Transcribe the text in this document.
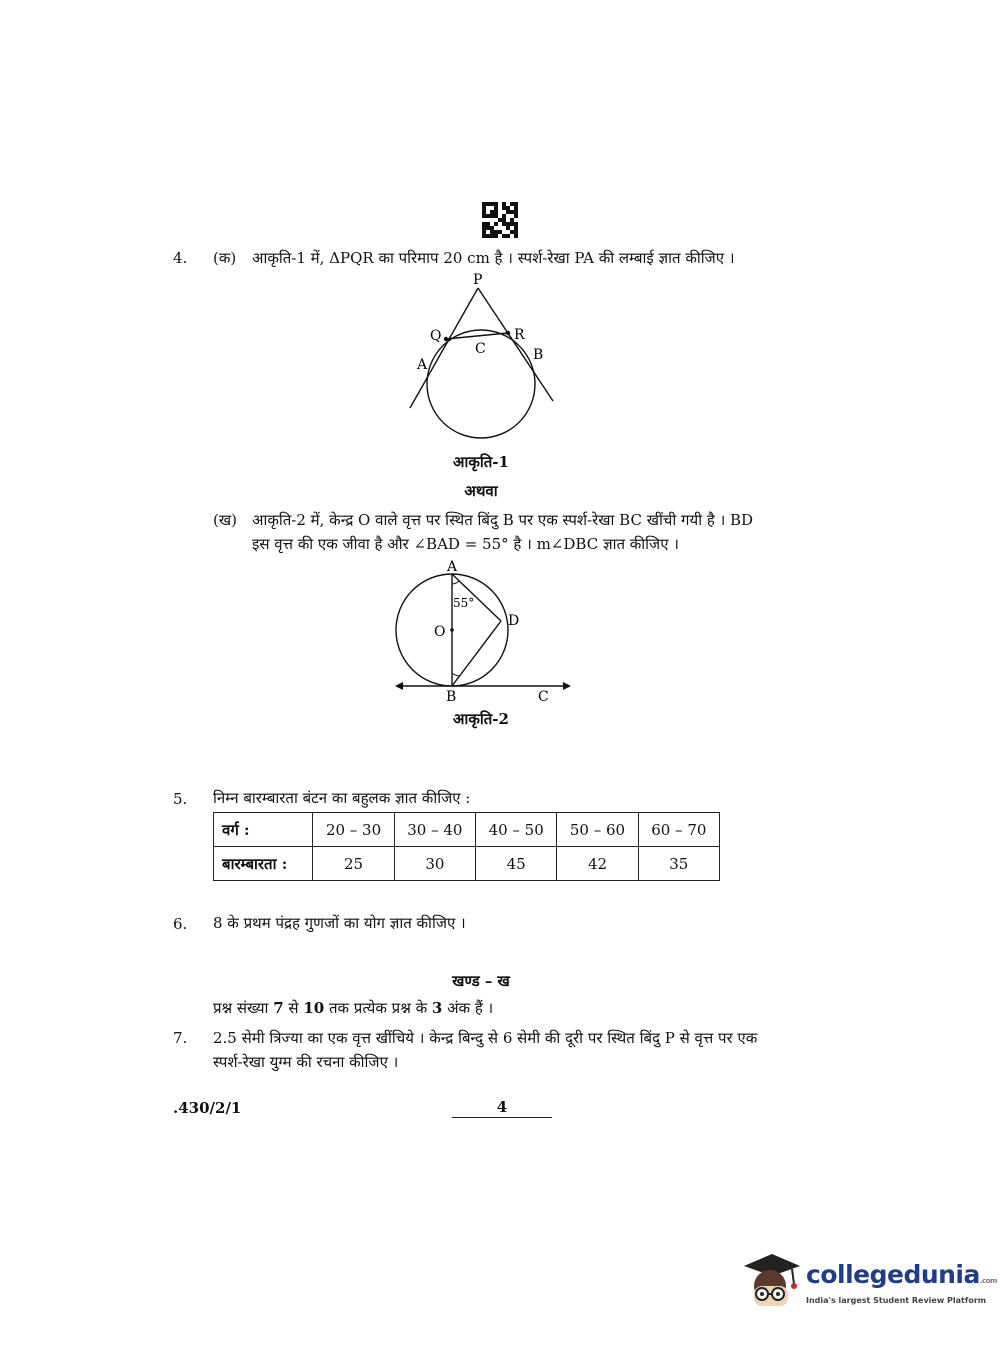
4. (क) आकृति-1 में, ΔPQR का परिमाप 20 cm है । स्पर्श-रेखा PA की लम्बाई ज्ञात कीजिए ।
P
Q	R
C
A
B
आकृति-1
अथवा
(ख) आकृति-2 में, केन्द्र O वाले वृत्त पर स्थित बिंदु B पर एक स्पर्श-रेखा BC खींची गयी है । BD
इस वृत्त की एक जीवा है और ∠BAD = 55° है । m∠DBC ज्ञात कीजिए ।
A
O
D
B	C
55°
आकृति-2
5. निम्न बारम्बारता बंटन का बहुलक ज्ञात कीजिए :
वर्ग :	20 – 30	30 – 40	40 – 50	50 – 60	60 – 70
बारम्बारता :	25	30	45	42	35
6. 8 के प्रथम पंद्रह गुणजों का योग ज्ञात कीजिए ।
खण्ड – ख
प्रश्न संख्या 7 से 10 तक प्रत्येक प्रश्न के 3 अंक हैं ।
7. 2.5 सेमी त्रिज्या का एक वृत्त खींचिये । केन्द्र बिन्दु से 6 सेमी की दूरी पर स्थित बिंदु P से वृत्त पर एक
स्पर्श-रेखा युग्म की रचना कीजिए ।
.430/2/1	4
collegedunia.com
India's largest Student Review Platform
